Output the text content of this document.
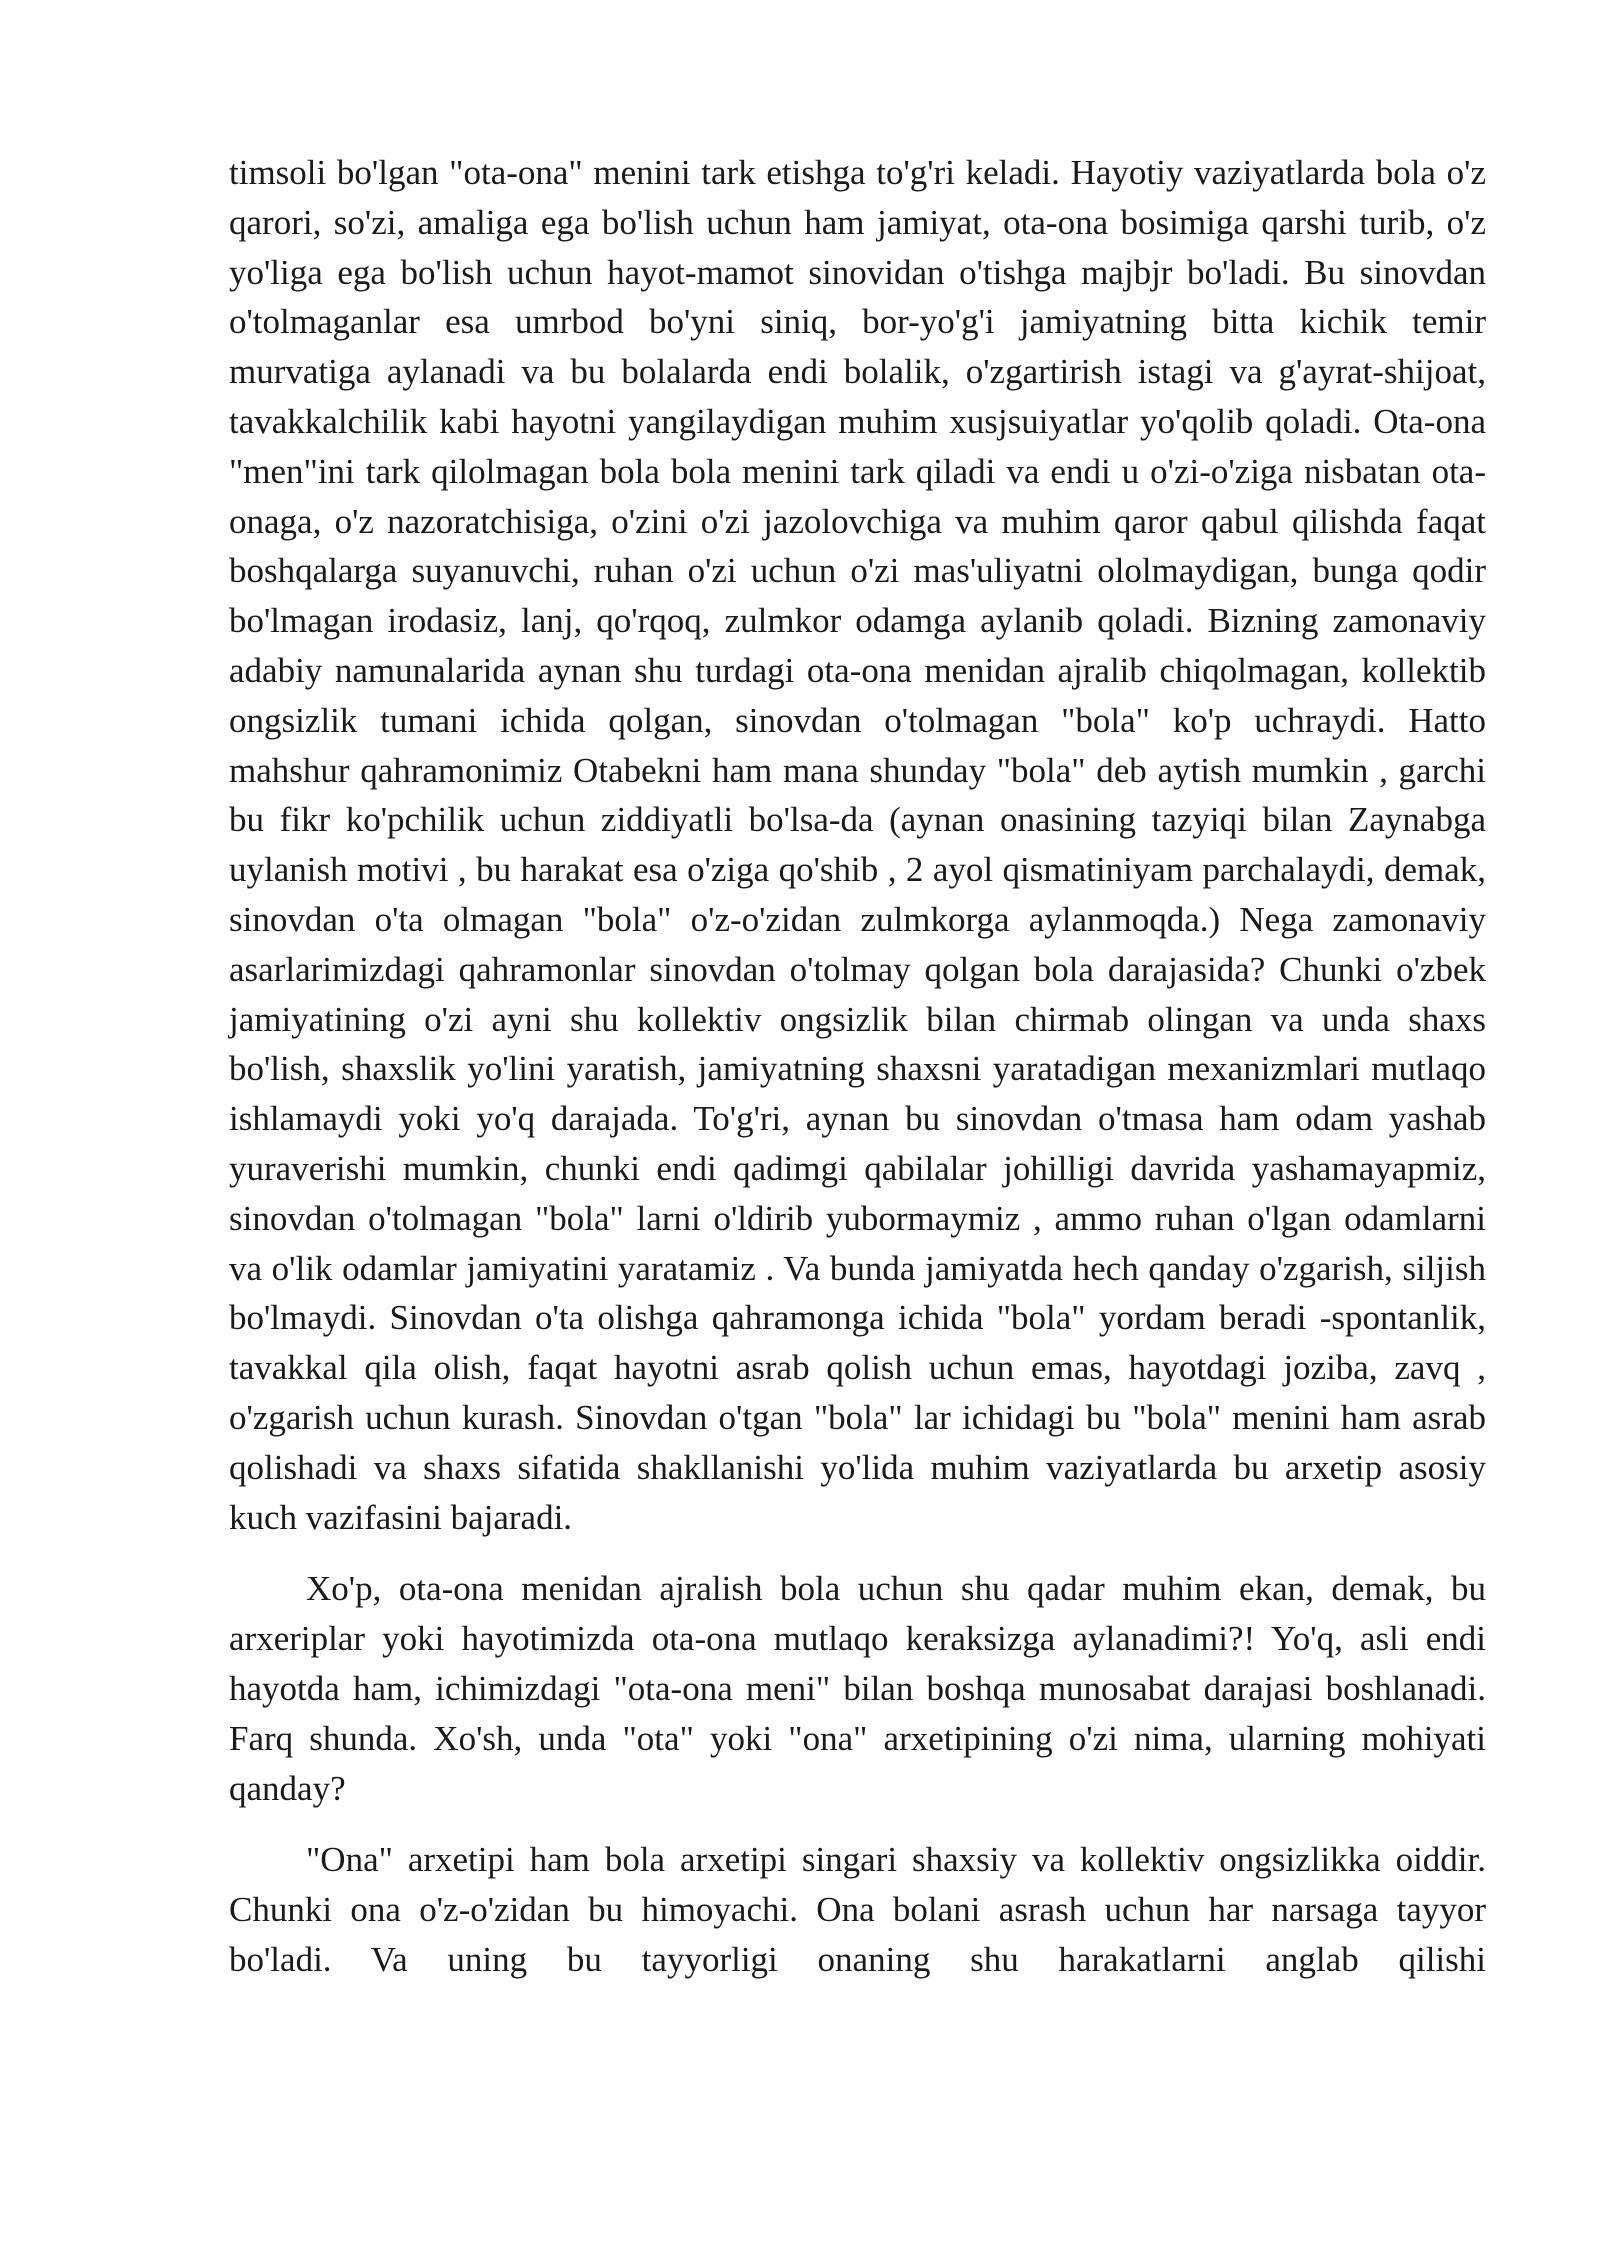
timsoli bo'lgan "ota-ona" menini tark etishga to'g'ri keladi. Hayotiy vaziyatlarda bola o'z qarori, so'zi, amaliga ega bo'lish uchun ham jamiyat, ota-ona bosimiga qarshi turib, o'z yo'liga ega bo'lish uchun hayot-mamot sinovidan o'tishga majbjr bo'ladi. Bu sinovdan o'tolmaganlar esa umrbod bo'yni siniq, bor-yo'g'i jamiyatning bitta kichik temir murvatiga aylanadi va bu bolalarda endi bolalik, o'zgartirish istagi va g'ayrat-shijoat, tavakkalchilik kabi hayotni yangilaydigan muhim xusjsuiyatlar yo'qolib qoladi. Ota-ona "men"ini tark qilolmagan bola bola menini tark qiladi va endi u o'zi-o'ziga nisbatan ota-onaga, o'z nazoratchisiga, o'zini o'zi jazolovchiga va muhim qaror qabul qilishda faqat boshqalarga suyanuvchi, ruhan o'zi uchun o'zi mas'uliyatni ololmaydigan, bunga qodir bo'lmagan irodasiz, lanj, qo'rqoq, zulmkor odamga aylanib qoladi. Bizning zamonaviy adabiy namunalarida aynan shu turdagi ota-ona menidan ajralib chiqolmagan, kollektib ongsizlik tumani ichida qolgan, sinovdan o'tolmagan "bola" ko'p uchraydi. Hatto mahshur qahramonimiz Otabekni ham mana shunday "bola" deb aytish mumkin , garchi bu fikr ko'pchilik uchun ziddiyatli bo'lsa-da (aynan onasining tazyiqi bilan Zaynabga uylanish motivi , bu harakat esa o'ziga qo'shib , 2 ayol qismatiniyam parchalaydi, demak, sinovdan o'ta olmagan "bola" o'z-o'zidan zulmkorga aylanmoqda.) Nega zamonaviy asarlarimizdagi qahramonlar sinovdan o'tolmay qolgan bola darajasida? Chunki o'zbek jamiyatining o'zi ayni shu kollektiv ongsizlik bilan chirmab olingan va unda shaxs bo'lish, shaxslik yo'lini yaratish, jamiyatning shaxsni yaratadigan mexanizmlari mutlaqo ishlamaydi yoki yo'q darajada. To'g'ri, aynan bu sinovdan o'tmasa ham odam yashab yuraverishi mumkin, chunki endi qadimgi qabilalar johilligi davrida yashamayapmiz, sinovdan o'tolmagan "bola" larni o'ldirib yubormaymiz , ammo ruhan o'lgan odamlarni va o'lik odamlar jamiyatini yaratamiz . Va bunda jamiyatda hech qanday o'zgarish, siljish bo'lmaydi. Sinovdan o'ta olishga qahramonga ichida "bola" yordam beradi -spontanlik, tavakkal qila olish, faqat hayotni asrab qolish uchun emas, hayotdagi joziba, zavq , o'zgarish uchun kurash. Sinovdan o'tgan "bola" lar ichidagi bu "bola" menini ham asrab qolishadi va shaxs sifatida shakllanishi yo'lida muhim vaziyatlarda bu arxetip asosiy kuch vazifasini bajaradi.

Xo'p, ota-ona menidan ajralish bola uchun shu qadar muhim ekan, demak, bu arxeriplar yoki hayotimizda ota-ona mutlaqo keraksizga aylanadimi?! Yo'q, asli endi hayotda ham, ichimizdagi "ota-ona meni" bilan boshqa munosabat darajasi boshlanadi. Farq shunda. Xo'sh, unda "ota" yoki "ona" arxetipining o'zi nima, ularning mohiyati qanday?

"Ona" arxetipi ham bola arxetipi singari shaxsiy va kollektiv ongsizlikka oiddir. Chunki ona o'z-o'zidan bu himoyachi. Ona bolani asrash uchun har narsaga tayyor bo'ladi. Va uning bu tayyorligi onaning shu harakatlarni anglab qilishi
